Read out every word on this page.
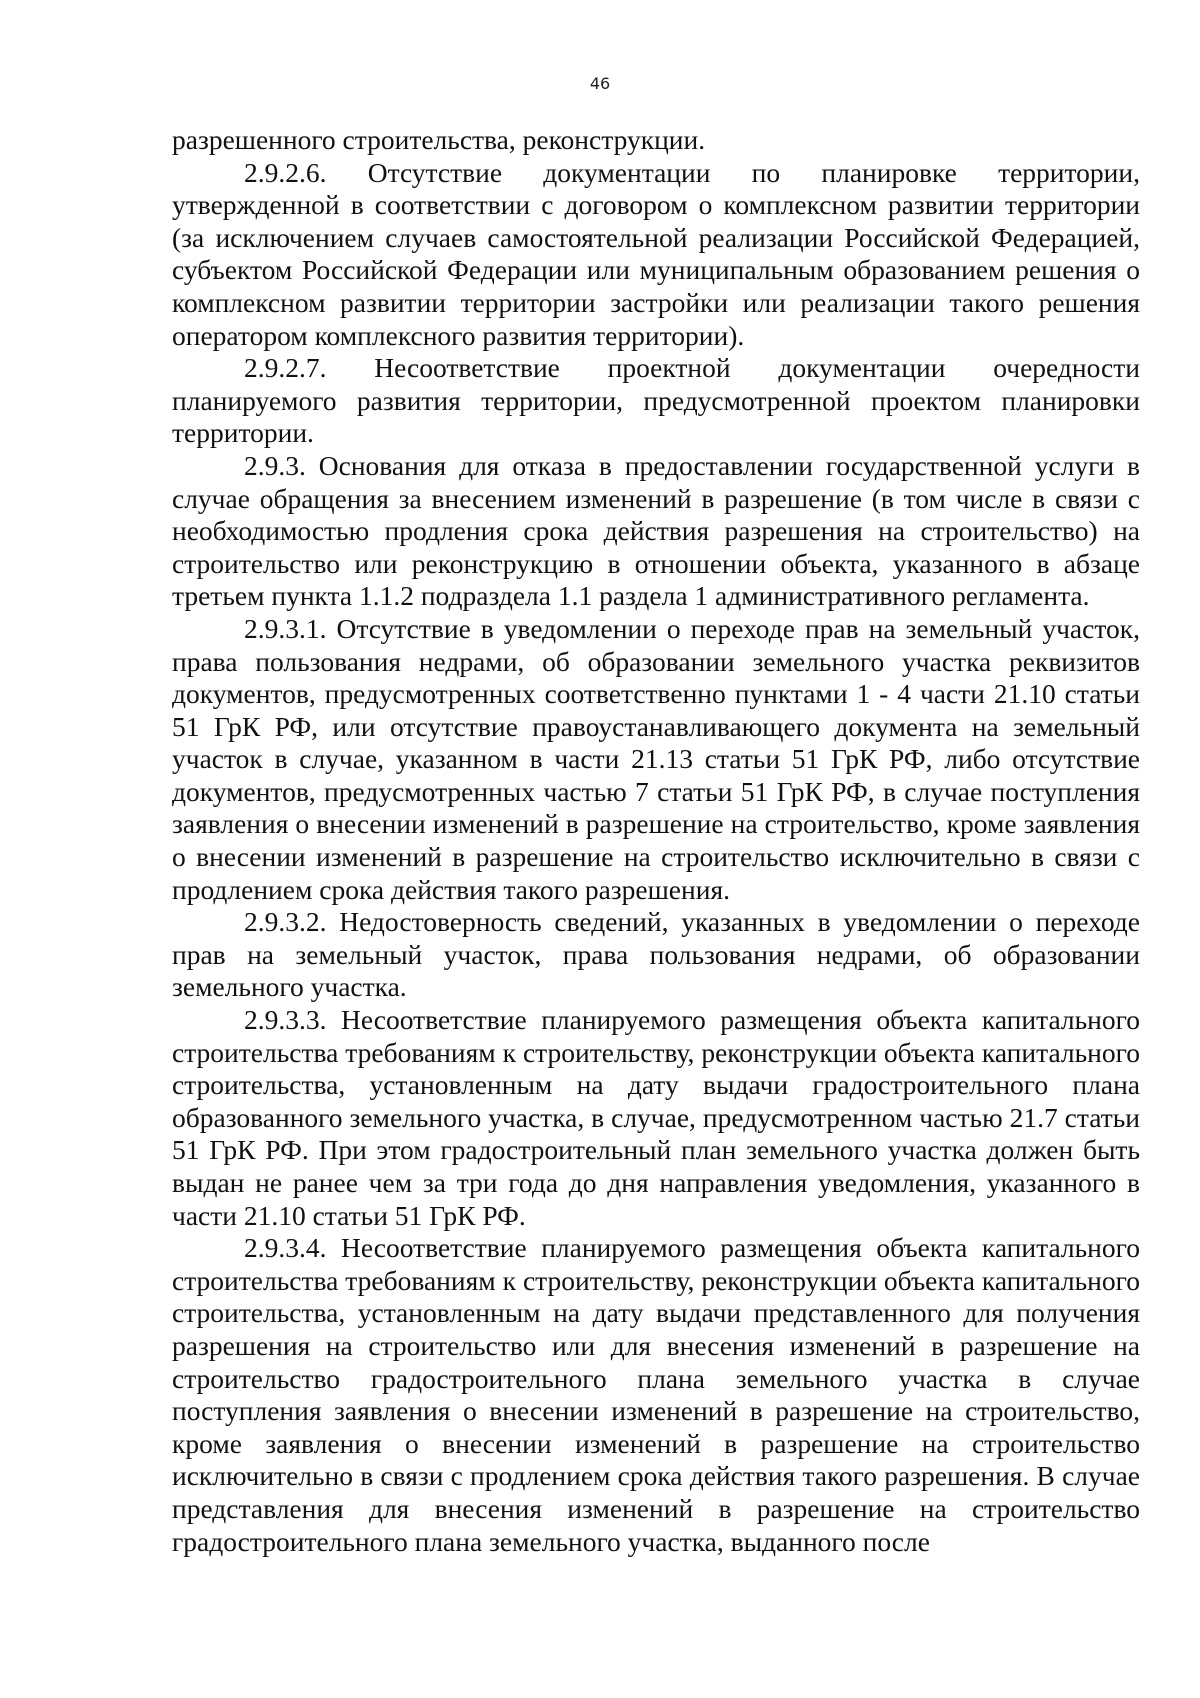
46

разрешенного строительства, реконструкции.

2.9.2.6. Отсутствие документации по планировке территории, утвержденной в соответствии с договором о комплексном развитии территории (за исключением случаев самостоятельной реализации Российской Федерацией, субъектом Российской Федерации или муниципальным образованием решения о комплексном развитии территории застройки или реализации такого решения оператором комплексного развития территории).

2.9.2.7. Несоответствие проектной документации очередности планируемого развития территории, предусмотренной проектом планировки территории.

2.9.3. Основания для отказа в предоставлении государственной услуги в случае обращения за внесением изменений в разрешение (в том числе в связи с необходимостью продления срока действия разрешения на строительство) на строительство или реконструкцию в отношении объекта, указанного в абзаце третьем пункта 1.1.2 подраздела 1.1 раздела 1 административного регламента.

2.9.3.1. Отсутствие в уведомлении о переходе прав на земельный участок, права пользования недрами, об образовании земельного участка реквизитов документов, предусмотренных соответственно пунктами 1 - 4 части 21.10 статьи 51 ГрК РФ, или отсутствие правоустанавливающего документа на земельный участок в случае, указанном в части 21.13 статьи 51 ГрК РФ, либо отсутствие документов, предусмотренных частью 7 статьи 51 ГрК РФ, в случае поступления заявления о внесении изменений в разрешение на строительство, кроме заявления о внесении изменений в разрешение на строительство исключительно в связи с продлением срока действия такого разрешения.

2.9.3.2. Недостоверность сведений, указанных в уведомлении о переходе прав на земельный участок, права пользования недрами, об образовании земельного участка.

2.9.3.3. Несоответствие планируемого размещения объекта капитального строительства требованиям к строительству, реконструкции объекта капитального строительства, установленным на дату выдачи градостроительного плана образованного земельного участка, в случае, предусмотренном частью 21.7 статьи 51 ГрК РФ. При этом градостроительный план земельного участка должен быть выдан не ранее чем за три года до дня направления уведомления, указанного в части 21.10 статьи 51 ГрК РФ.

2.9.3.4. Несоответствие планируемого размещения объекта капитального строительства требованиям к строительству, реконструкции объекта капитального строительства, установленным на дату выдачи представленного для получения разрешения на строительство или для внесения изменений в разрешение на строительство градостроительного плана земельного участка в случае поступления заявления о внесении изменений в разрешение на строительство, кроме заявления о внесении изменений в разрешение на строительство исключительно в связи с продлением срока действия такого разрешения. В случае представления для внесения изменений в разрешение на строительство градостроительного плана земельного участка, выданного после
